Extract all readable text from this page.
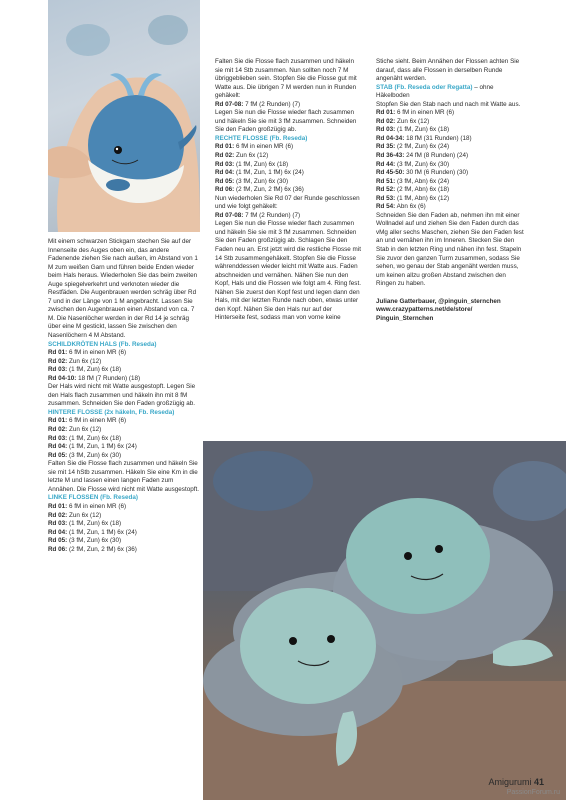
Mit einem schwarzen Stickgarn stechen Sie auf der Innenseite des Auges oben ein, das andere Fadenende ziehen Sie nach außen, im Abstand von 1 M zum weißen Garn und führen beide Enden wieder beim Hals heraus. Wiederholen Sie das beim zweiten Auge spiegelverkehrt und verknoten wieder die Restfäden. Die Augenbrauen werden schräg über Rd 7 und in der Länge von 1 M angebracht. Lassen Sie zwischen den Augenbrauen einen Abstand von ca. 7 M. Die Nasenlöcher werden in der Rd 14 je schräg über eine M gestickt, lassen Sie zwischen den Nasenlöchern 4 M Abstand.

SCHILDKRÖTEN HALS (Fb. Reseda)

Rd 01: 6 fM in einen MR (6)

Rd 02: Zun 6x (12)

Rd 03: (1 fM, Zun) 6x (18)

Rd 04-10: 18 fM (7 Runden) (18)

Der Hals wird nicht mit Watte ausgestopft. Legen Sie den Hals flach zusammen und häkeln ihn mit 8 fM zusammen. Schneiden Sie den Faden großzügig ab.

HINTERE FLOSSE (2x häkeln, Fb. Reseda)

Rd 01: 6 fM in einen MR (6)

Rd 02: Zun 6x (12)

Rd 03: (1 fM, Zun) 6x (18)

Rd 04: (1 fM, Zun, 1 fM) 6x (24)

Rd 05: (3 fM, Zun) 6x (30)

Falten Sie die Flosse flach zusammen und häkeln Sie sie mit 14 hStb zusammen. Häkeln Sie eine Km in die letzte M und lassen einen langen Faden zum Annähen. Die Flosse wird nicht mit Watte ausgestopft.

LINKE FLOSSEN (Fb. Reseda)

Rd 01: 6 fM in einen MR (6)

Rd 02: Zun 6x (12)

Rd 03: (1 fM, Zun) 6x (18)

Rd 04: (1 fM, Zun, 1 fM) 6x (24)

Rd 05: (3 fM, Zun) 6x (30)

Rd 06: (2 fM, Zun, 2 fM) 6x (36)

Falten Sie die Flosse flach zusammen und häkeln sie mit 14 Stb zusammen. Nun sollten noch 7 M übriggeblieben sein. Stopfen Sie die Flosse gut mit Watte aus. Die übrigen 7 M werden nun in Runden gehäkelt:

Rd 07-08: 7 fM (2 Runden) (7)

Legen Sie nun die Flosse wieder flach zusammen und häkeln Sie sie mit 3 fM zusammen. Schneiden Sie den Faden großzügig ab.

RECHTE FLOSSE (Fb. Reseda)

Rd 01: 6 fM in einen MR (6)

Rd 02: Zun 6x (12)

Rd 03: (1 fM, Zun) 6x (18)

Rd 04: (1 fM, Zun, 1 fM) 6x (24)

Rd 05: (3 fM, Zun) 6x (30)

Rd 06: (2 fM, Zun, 2 fM) 6x (36)

Nun wiederholen Sie Rd 07 der Runde geschlossen und wie folgt gehäkelt:

Rd 07-08: 7 fM (2 Runden) (7)

Legen Sie nun die Flosse wieder flach zusammen und häkeln Sie sie mit 3 fM zusammen. Schneiden Sie den Faden großzügig ab. Schlagen Sie den Faden neu an. Erst jetzt wird die restliche Flosse mit 14 Stb zusammengehäkelt. Stopfen Sie die Flosse währenddessen wieder leicht mit Watte aus. Faden abschneiden und vernähen. Nähen Sie nun den Kopf, Hals und die Flossen wie folgt am 4. Ring fest. Nähen Sie zuerst den Kopf fest und legen dann den Hals, mit der letzten Runde nach oben, etwas unter den Kopf. Nähen Sie den Hals nur auf der Hinterseite fest, sodass man von vorne keine

Stiche sieht. Beim Annähen der Flossen achten Sie darauf, dass alle Flossen in derselben Runde angenäht werden.

STAB (Fb. Reseda oder Regatta) – ohne Häkelboden

Stopfen Sie den Stab nach und nach mit Watte aus.

Rd 01: 6 fM in einen MR (6)

Rd 02: Zun 6x (12)

Rd 03: (1 fM, Zun) 6x (18)

Rd 04-34: 18 fM (31 Runden) (18)

Rd 35: (2 fM, Zun) 6x (24)

Rd 36-43: 24 fM (8 Runden) (24)

Rd 44: (3 fM, Zun) 6x (30)

Rd 45-50: 30 fM (6 Runden) (30)

Rd 51: (3 fM, Abn) 6x (24)

Rd 52: (2 fM, Abn) 6x (18)

Rd 53: (1 fM, Abn) 6x (12)

Rd 54: Abn 6x (6)

Schneiden Sie den Faden ab, nehmen ihn mit einer Wollnadel auf und ziehen Sie den Faden durch das vMg aller sechs Maschen, ziehen Sie den Faden fest an und vernähen ihn im Inneren. Stecken Sie den Stab in den letzten Ring und nähen ihn fest. Stapeln Sie zuvor den ganzen Turm zusammen, sodass Sie sehen, wo genau der Stab angenäht werden muss, um keinen allzu großen Abstand zwischen den Ringen zu haben.

Juliane Gatterbauer, @pinguin_sternchen

www.crazypatterns.net/de/store/

Pinguin_Sternchen

Amigurumi 41
PassionForum.ru
